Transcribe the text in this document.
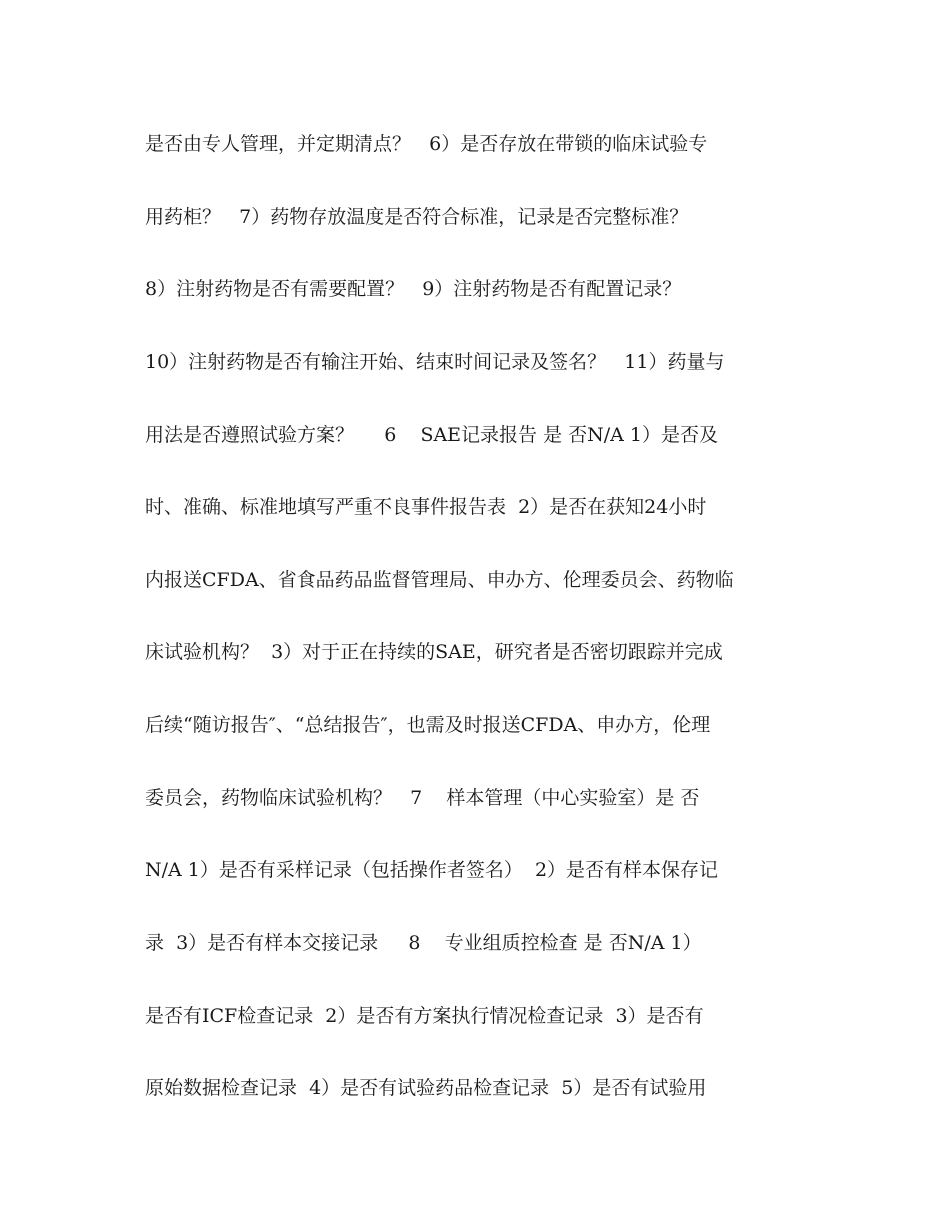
是否由专人管理，并定期清点？   6）是否存放在带锁的临床试验专
用药柜？   7）药物存放温度是否符合标准，记录是否完整标准？
8）注射药物是否有需要配置？   9）注射药物是否有配置记录？
10）注射药物是否有输注开始、结束时间记录及签名？   11）药量与
用法是否遵照试验方案？     6    SAE记录报告 是 否N/A 1）是否及
时、准确、标准地填写严重不良事件报告表  2）是否在获知24小时
内报送CFDA、省食品药品监督管理局、申办方、伦理委员会、药物临
床试验机构？  3）对于正在持续的SAE，研究者是否密切跟踪并完成
后续“随访报告″、“总结报告″，也需及时报送CFDA、申办方，伦理
委员会，药物临床试验机构？   7    样本管理（中心实验室）是 否
N/A 1）是否有采样记录（包括操作者签名）  2）是否有样本保存记
录  3）是否有样本交接记录     8    专业组质控检查 是 否N/A 1）
是否有ICF检查记录  2）是否有方案执行情况检查记录  3）是否有
原始数据检查记录  4）是否有试验药品检查记录  5）是否有试验用
